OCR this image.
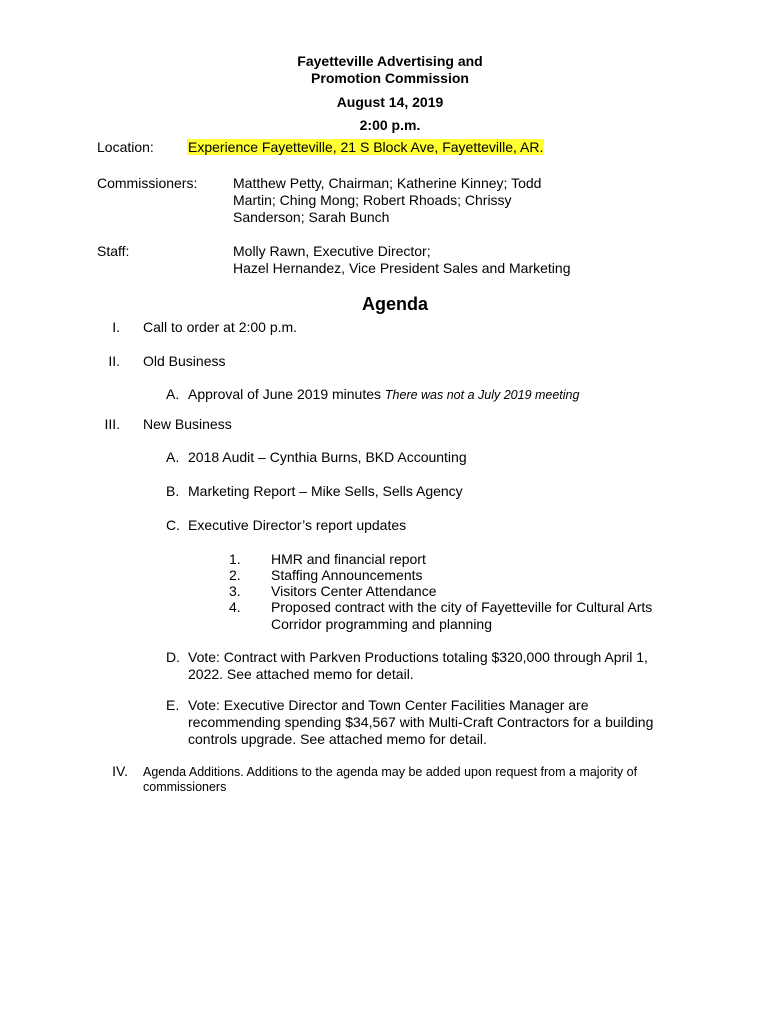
Fayetteville Advertising and
Promotion Commission
August 14, 2019
2:00 p.m.
Location: Experience Fayetteville, 21 S Block Ave, Fayetteville, AR.
Commissioners:	Matthew Petty, Chairman; Katherine Kinney; Todd
Martin; Ching Mong; Robert Rhoads; Chrissy
Sanderson; Sarah Bunch
Staff:	Molly Rawn, Executive Director;
Hazel Hernandez, Vice President Sales and Marketing
Agenda
I. Call to order at 2:00 p.m.
II. Old Business
A. Approval of June 2019 minutes There was not a July 2019 meeting
III. New Business
A. 2018 Audit – Cynthia Burns, BKD Accounting
B. Marketing Report – Mike Sells, Sells Agency
C. Executive Director’s report updates
1. HMR and financial report
2. Staffing Announcements
3. Visitors Center Attendance
4. Proposed contract with the city of Fayetteville for Cultural Arts
Corridor programming and planning
D. Vote: Contract with Parkven Productions totaling $320,000 through April 1,
2022. See attached memo for detail.
E. Vote: Executive Director and Town Center Facilities Manager are
recommending spending $34,567 with Multi-Craft Contractors for a building
controls upgrade. See attached memo for detail.
IV. Agenda Additions. Additions to the agenda may be added upon request from a majority of
commissioners
